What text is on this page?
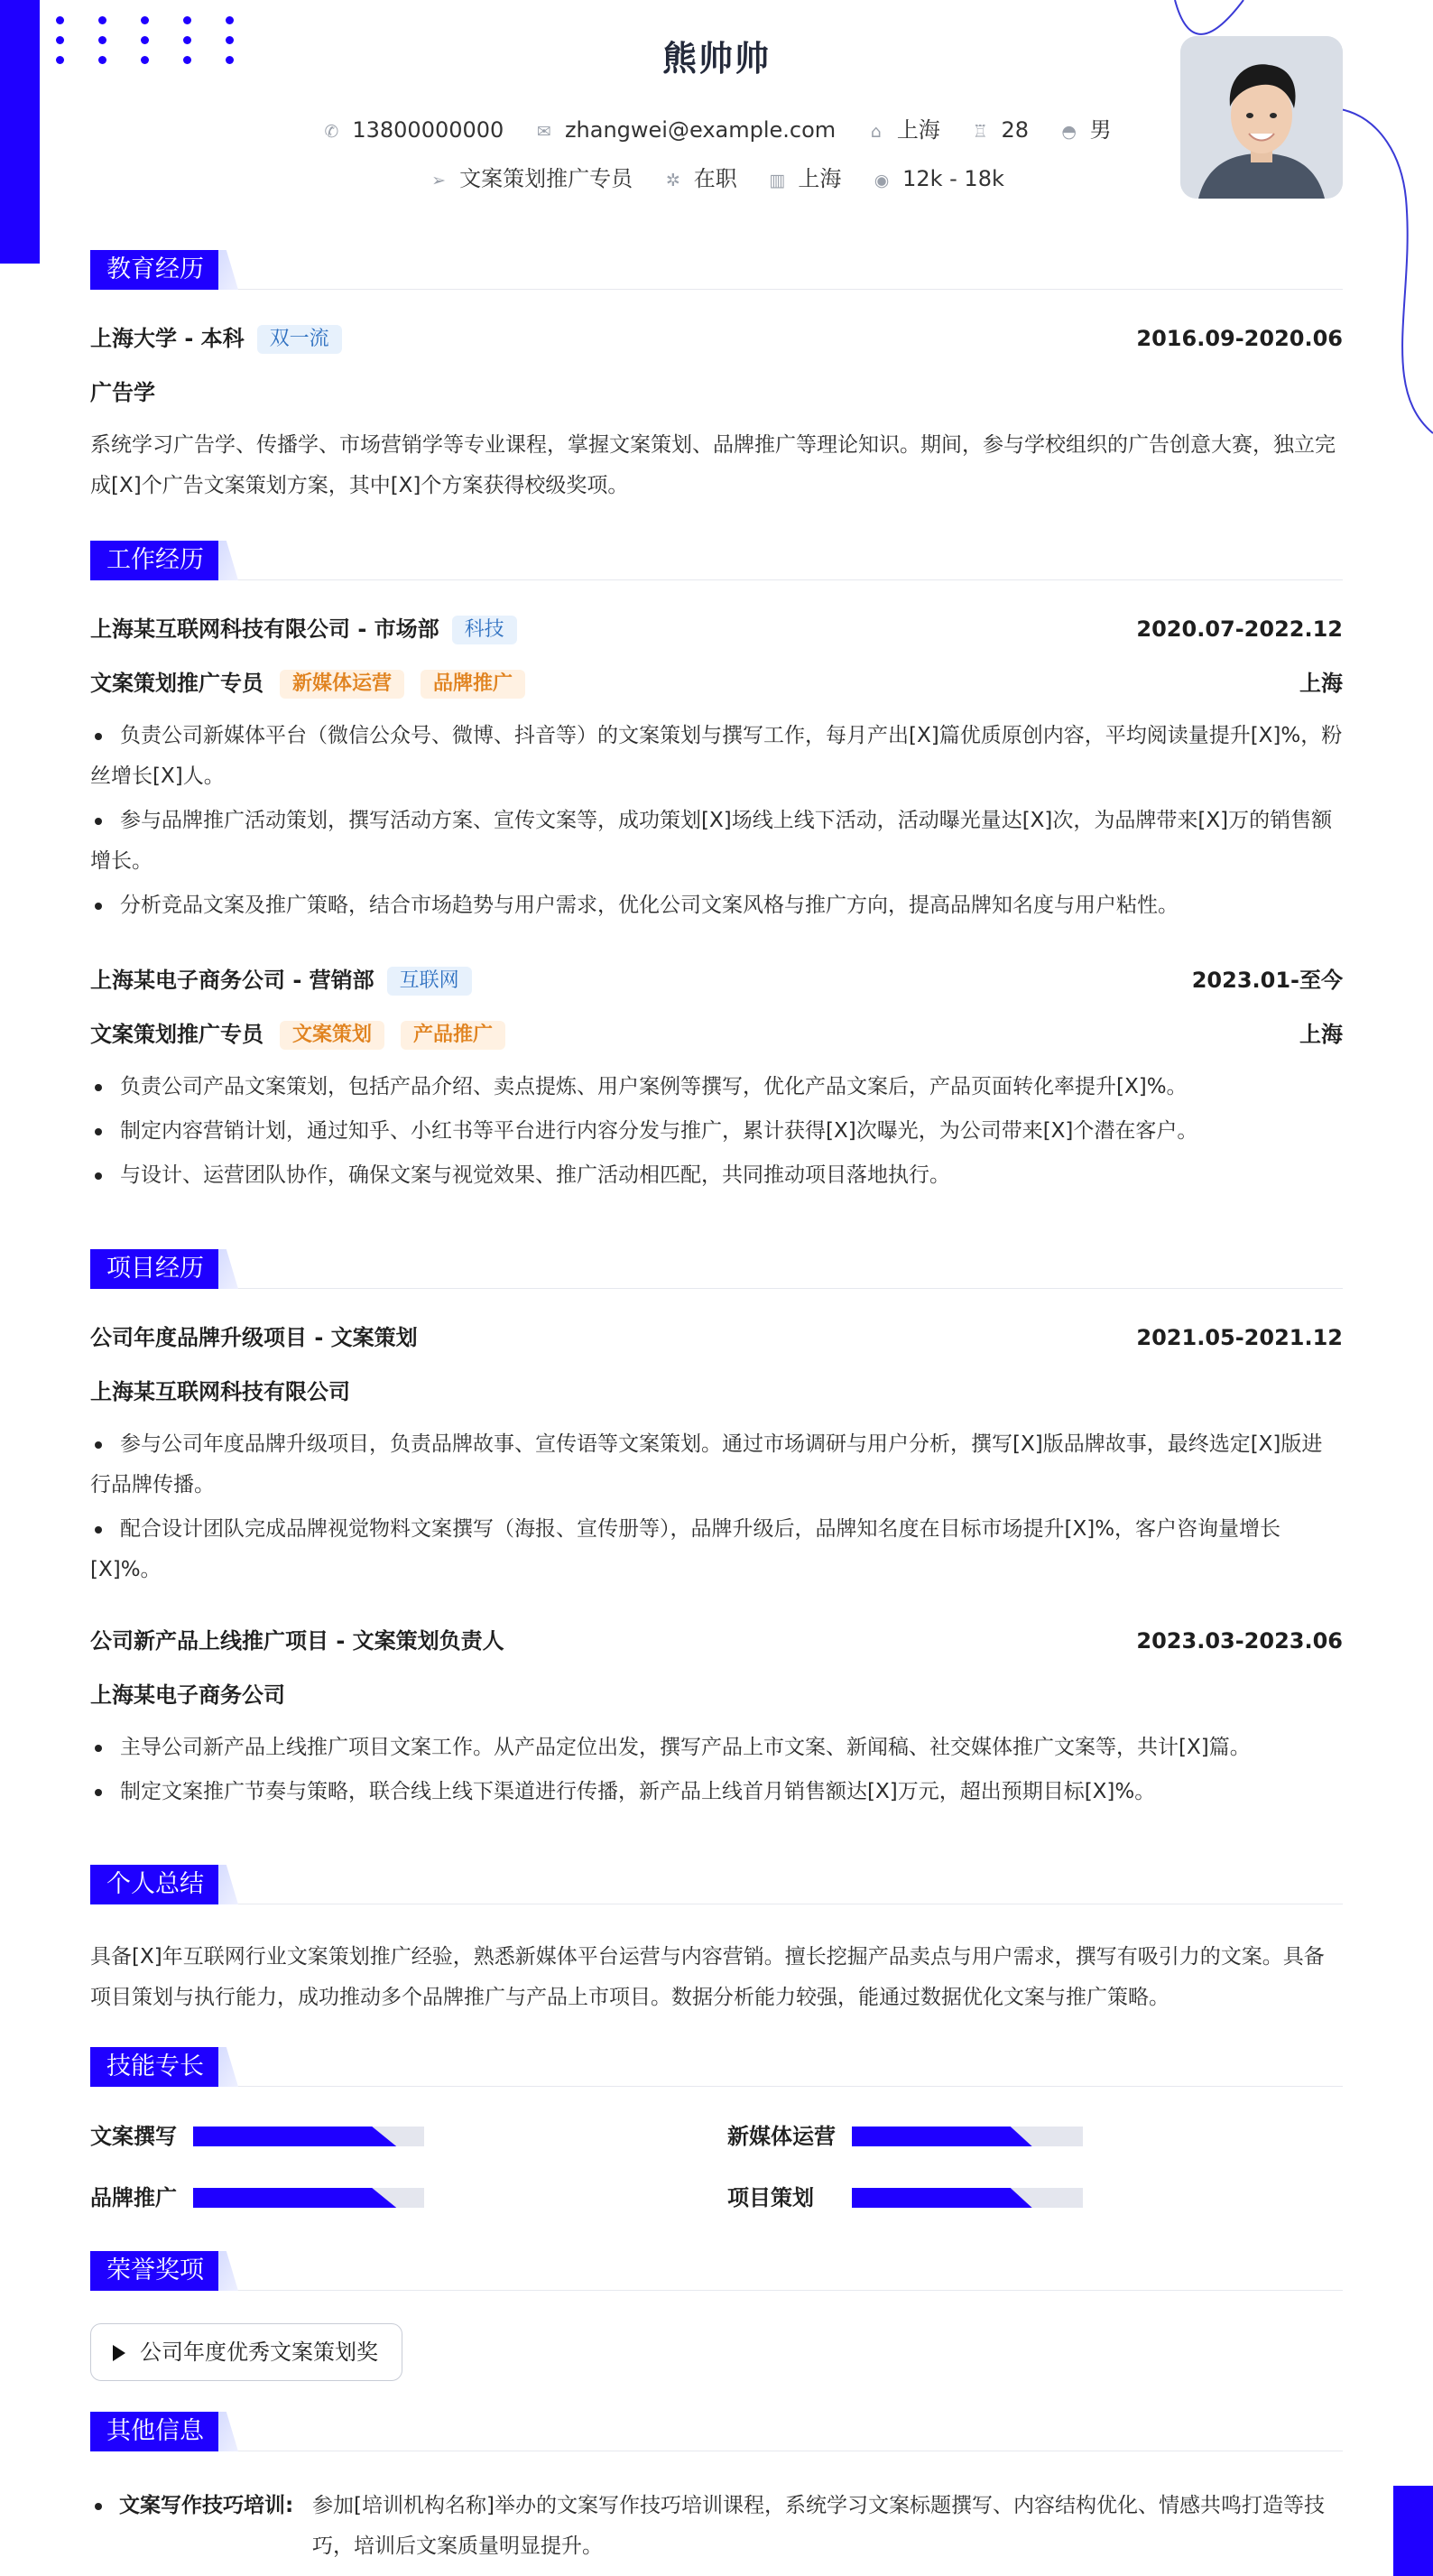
熊帅帅
✆ 13800000000 ✉ zhangwei@example.com ⌂ 上海 ♖ 28 ◓ 男
➢ 文案策划推广专员 ✲ 在职 ▥ 上海 ◉ 12k - 18k
教育经历
上海大学 - 本科 双一流	2016.09-2020.06
广告学
系统学习广告学、传播学、市场营销学等专业课程，掌握文案策划、品牌推广等理论知识。期间，参与学校组织的广告创意大赛，独立完成[X]个广告文案策划方案，其中[X]个方案获得校级奖项。
工作经历
上海某互联网科技有限公司 - 市场部 科技	2020.07-2022.12
文案策划推广专员 新媒体运营 品牌推广	上海
负责公司新媒体平台（微信公众号、微博、抖音等）的文案策划与撰写工作，每月产出[X]篇优质原创内容，平均阅读量提升[X]%，粉丝增长[X]人。
参与品牌推广活动策划，撰写活动方案、宣传文案等，成功策划[X]场线上线下活动，活动曝光量达[X]次，为品牌带来[X]万的销售额增长。
分析竞品文案及推广策略，结合市场趋势与用户需求，优化公司文案风格与推广方向，提高品牌知名度与用户粘性。
上海某电子商务公司 - 营销部 互联网	2023.01-至今
文案策划推广专员 文案策划 产品推广	上海
负责公司产品文案策划，包括产品介绍、卖点提炼、用户案例等撰写，优化产品文案后，产品页面转化率提升[X]%。
制定内容营销计划，通过知乎、小红书等平台进行内容分发与推广，累计获得[X]次曝光，为公司带来[X]个潜在客户。
与设计、运营团队协作，确保文案与视觉效果、推广活动相匹配，共同推动项目落地执行。
项目经历
公司年度品牌升级项目 - 文案策划	2021.05-2021.12
上海某互联网科技有限公司
参与公司年度品牌升级项目，负责品牌故事、宣传语等文案策划。通过市场调研与用户分析，撰写[X]版品牌故事，最终选定[X]版进行品牌传播。
配合设计团队完成品牌视觉物料文案撰写（海报、宣传册等），品牌升级后，品牌知名度在目标市场提升[X]%，客户咨询量增长[X]%。
公司新产品上线推广项目 - 文案策划负责人	2023.03-2023.06
上海某电子商务公司
主导公司新产品上线推广项目文案工作。从产品定位出发，撰写产品上市文案、新闻稿、社交媒体推广文案等，共计[X]篇。
制定文案推广节奏与策略，联合线上线下渠道进行传播，新产品上线首月销售额达[X]万元，超出预期目标[X]%。
个人总结
具备[X]年互联网行业文案策划推广经验，熟悉新媒体平台运营与内容营销。擅长挖掘产品卖点与用户需求，撰写有吸引力的文案。具备项目策划与执行能力，成功推动多个品牌推广与产品上市项目。数据分析能力较强，能通过数据优化文案与推广策略。
技能专长
文案撰写	新媒体运营
品牌推广	项目策划
荣誉奖项
公司年度优秀文案策划奖
其他信息
文案写作技巧培训: 参加[培训机构名称]举办的文案写作技巧培训课程，系统学习文案标题撰写、内容结构优化、情感共鸣打造等技巧，培训后文案质量明显提升。
